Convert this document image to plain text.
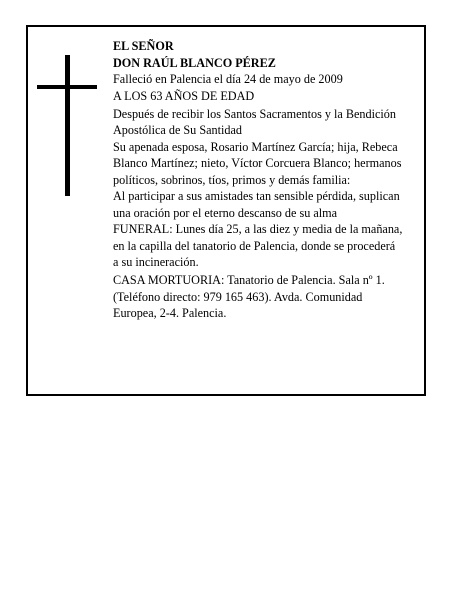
EL SEÑOR

DON RAÚL BLANCO PÉREZ

Falleció en Palencia el día 24 de mayo de 2009

A LOS 63 AÑOS DE EDAD

Después de recibir los Santos Sacramentos y la Bendición Apostólica de Su Santidad

Su apenada esposa, Rosario Martínez García; hija, Rebeca Blanco Martínez; nieto, Víctor Corcuera Blanco; hermanos políticos, sobrinos, tíos, primos y demás familia:

Al participar a sus amistades tan sensible pérdida, suplican una oración por el eterno descanso de su alma

FUNERAL: Lunes día 25, a las diez y media de la mañana, en la capilla del tanatorio de Palencia, donde se procederá a su incineración.

CASA MORTUORIA: Tanatorio de Palencia. Sala nº 1. (Teléfono directo: 979 165 463). Avda. Comunidad Europea, 2-4. Palencia.
